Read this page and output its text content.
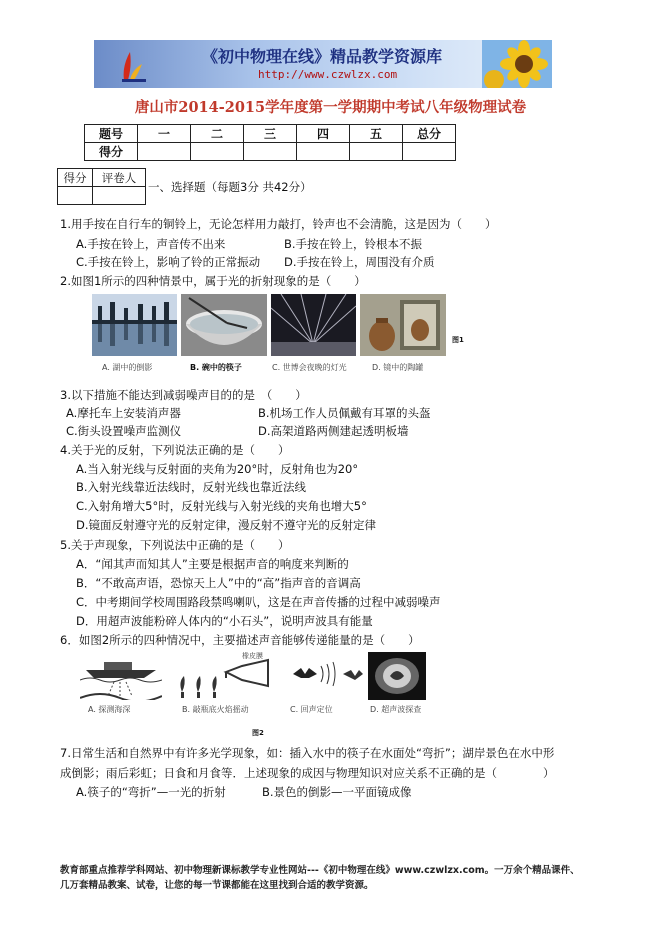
《初中物理在线》精品教学资源库
http://www.czwlzx.com
唐山市2014-2015学年度第一学期期中考试八年级物理试卷
题号	一	二	三	四	五	总分
得分						
得分	评卷人

一、选择题（每题3分 共42分）
1.用手按在自行车的铜铃上，无论怎样用力敲打，铃声也不会清脆，这是因为（　　）
A.手按在铃上，声音传不出来	B.手按在铃上，铃根本不振
C.手按在铃上，影响了铃的正常振动 D.手按在铃上，周围没有介质
2.如图1所示的四种情景中，属于光的折射现象的是（　　）
图1
A. 湖中的倒影	B. 碗中的筷子	C. 世博会夜晚的灯光	D. 镜中的陶罐
3.以下措施不能达到减弱噪声目的的是　（　　）
A.摩托车上安装消声器	B.机场工作人员佩戴有耳罩的头盔
C.街头设置噪声监测仪	D.高架道路两侧建起透明板墙
4.关于光的反射，下列说法正确的是（　　）
A.当入射光线与反射面的夹角为20°时，反射角也为20°
B.入射光线靠近法线时，反射光线也靠近法线
C.入射角增大5°时，反射光线与入射光线的夹角也增大5°
D.镜面反射遵守光的反射定律，漫反射不遵守光的反射定律
5.关于声现象，下列说法中正确的是（　　）
A．“闻其声而知其人”主要是根据声音的响度来判断的
B．“不敢高声语，恐惊天上人”中的“高”指声音的音调高
C．中考期间学校周围路段禁鸣喇叭，这是在声音传播的过程中减弱噪声
D．用超声波能粉碎人体内的“小石头”，说明声波具有能量
6．如图2所示的四种情况中，主要描述声音能够传递能量的是（　　）
橡皮膜
图2
A. 探测海深	B. 敲瓶底火焰摇动	C. 回声定位	D. 超声波探查
7.日常生活和自然界中有许多光学现象，如：插入水中的筷子在水面处“弯折”；湖岸景色在水中形
成倒影；雨后彩虹；日食和月食等．上述现象的成因与物理知识对应关系不正确的是（　　　　）
A.筷子的“弯折”—一光的折射	B.景色的倒影—一平面镜成像
教育部重点推荐学科网站、初中物理新课标教学专业性网站---《初中物理在线》www.czwlzx.com。一万余个精品课件、
几万套精品教案、试卷，让您的每一节课都能在这里找到合适的教学资源。
